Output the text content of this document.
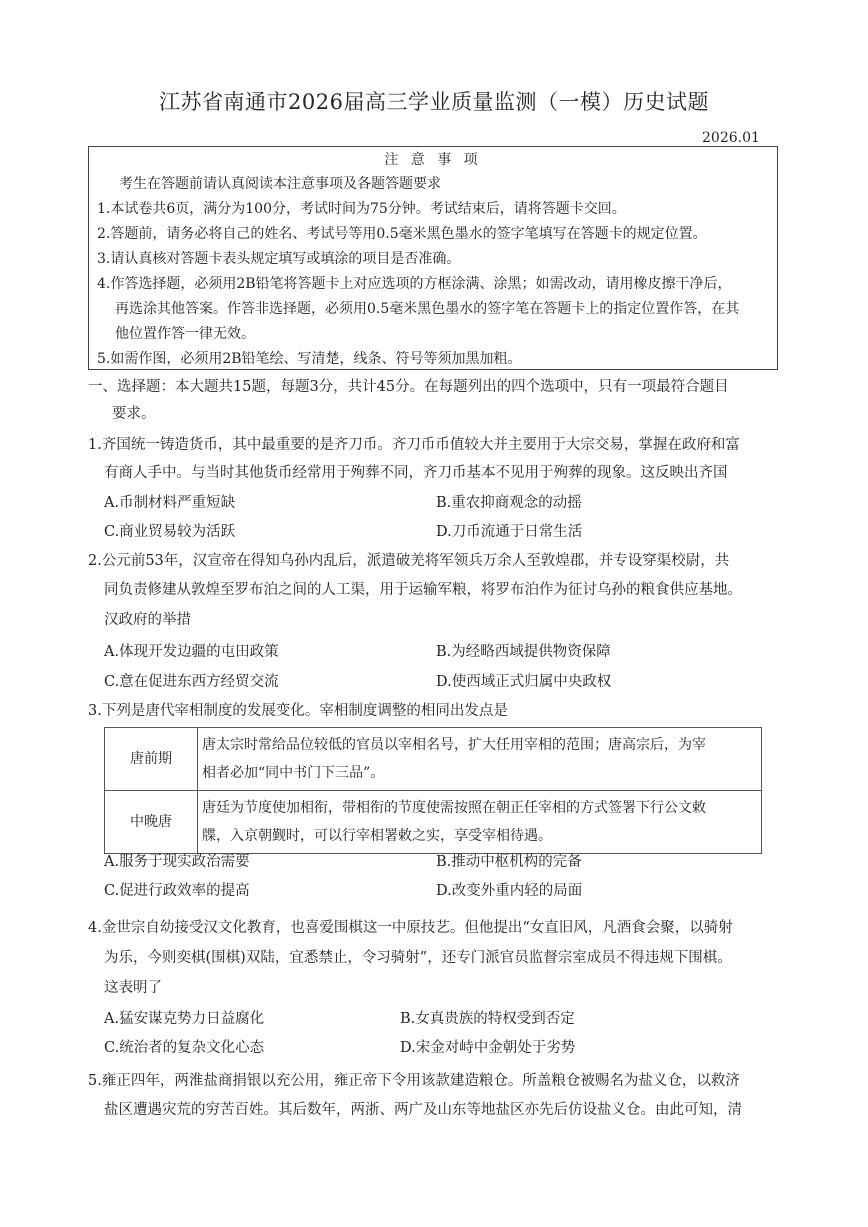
江苏省南通市2026届高三学业质量监测（一模）历史试题
2026.01
注 意 事 项
考生在答题前请认真阅读本注意事项及各题答题要求
1.本试卷共6页，满分为100分，考试时间为75分钟。考试结束后，请将答题卡交回。
2.答题前，请务必将自己的姓名、考试号等用0.5毫米黑色墨水的签字笔填写在答题卡的规定位置。
3.请认真核对答题卡表头规定填写或填涂的项目是否准确。
4.作答选择题，必须用2B铅笔将答题卡上对应选项的方框涂满、涂黑；如需改动，请用橡皮擦干净后，
再选涂其他答案。作答非选择题，必须用0.5毫米黑色墨水的签字笔在答题卡上的指定位置作答，在其
他位置作答一律无效。
5.如需作图，必须用2B铅笔绘、写清楚，线条、符号等须加黑加粗。
一、选择题：本大题共15题，每题3分，共计45分。在每题列出的四个选项中，只有一项最符合题目
要求。
1.齐国统一铸造货币，其中最重要的是齐刀币。齐刀币币值较大并主要用于大宗交易，掌握在政府和富
有商人手中。与当时其他货币经常用于殉葬不同，齐刀币基本不见用于殉葬的现象。这反映出齐国
A.币制材料严重短缺	B.重农抑商观念的动摇
C.商业贸易较为活跃	D.刀币流通于日常生活
2.公元前53年，汉宣帝在得知乌孙内乱后，派遣破羌将军领兵万余人至敦煌郡，并专设穿渠校尉，共
同负责修建从敦煌至罗布泊之间的人工渠，用于运输军粮，将罗布泊作为征讨乌孙的粮食供应基地。
汉政府的举措
A.体现开发边疆的屯田政策	B.为经略西域提供物资保障
C.意在促进东西方经贸交流	D.使西域正式归属中央政权
3.下列是唐代宰相制度的发展变化。宰相制度调整的相同出发点是
唐前期	唐太宗时常给品位较低的官员以宰相名号，扩大任用宰相的范围；唐高宗后，为宰
相者必加“同中书门下三品”。

中晚唐	唐廷为节度使加相衔，带相衔的节度使需按照在朝正任宰相的方式签署下行公文敕
牒，入京朝觐时，可以行宰相署敕之实，享受宰相待遇。
A.服务于现实政治需要	B.推动中枢机构的完备
C.促进行政效率的提高	D.改变外重内轻的局面
4.金世宗自幼接受汉文化教育，也喜爱围棋这一中原技艺。但他提出“女直旧风，凡酒食会聚，以骑射
为乐，今则奕棋(围棋)双陆，宜悉禁止，令习骑射”，还专门派官员监督宗室成员不得违规下围棋。
这表明了
A.猛安谋克势力日益腐化	B.女真贵族的特权受到否定
C.统治者的复杂文化心态	D.宋金对峙中金朝处于劣势
5.雍正四年，两淮盐商捐银以充公用，雍正帝下令用该款建造粮仓。所盖粮仓被赐名为盐义仓，以救济
盐区遭遇灾荒的穷苦百姓。其后数年，两浙、两广及山东等地盐区亦先后仿设盐义仓。由此可知，清
